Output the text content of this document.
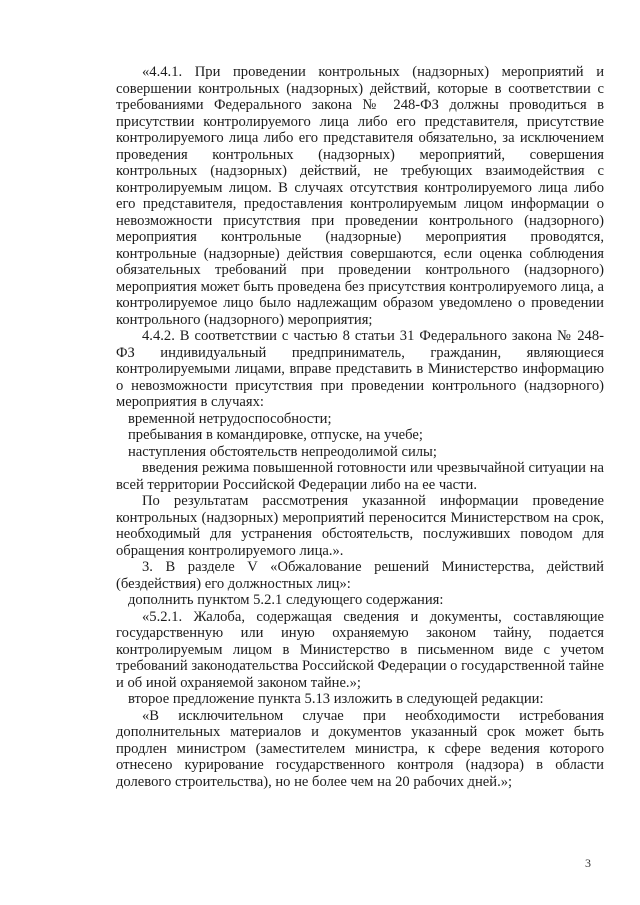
«4.4.1. При проведении контрольных (надзорных) мероприятий и совершении контрольных (надзорных) действий, которые в соответствии с требованиями Федерального закона № 248-ФЗ должны проводиться в присутствии контролируемого лица либо его представителя, присутствие контролируемого лица либо его представителя обязательно, за исключением проведения контрольных (надзорных) мероприятий, совершения контрольных (надзорных) действий, не требующих взаимодействия с контролируемым лицом. В случаях отсутствия контролируемого лица либо его представителя, предоставления контролируемым лицом информации о невозможности присутствия при проведении контрольного (надзорного) мероприятия контрольные (надзорные) мероприятия проводятся, контрольные (надзорные) действия совершаются, если оценка соблюдения обязательных требований при проведении контрольного (надзорного) мероприятия может быть проведена без присутствия контролируемого лица, а контролируемое лицо было надлежащим образом уведомлено о проведении контрольного (надзорного) мероприятия;

4.4.2. В соответствии с частью 8 статьи 31 Федерального закона № 248-ФЗ индивидуальный предприниматель, гражданин, являющиеся контролируемыми лицами, вправе представить в Министерство информацию о невозможности присутствия при проведении контрольного (надзорного) мероприятия в случаях:

временной нетрудоспособности;

пребывания в командировке, отпуске, на учебе;

наступления обстоятельств непреодолимой силы;

введения режима повышенной готовности или чрезвычайной ситуации на всей территории Российской Федерации либо на ее части.

По результатам рассмотрения указанной информации проведение контрольных (надзорных) мероприятий переносится Министерством на срок, необходимый для устранения обстоятельств, послуживших поводом для обращения контролируемого лица.».

3. В разделе V «Обжалование решений Министерства, действий (бездействия) его должностных лиц»:

дополнить пунктом 5.2.1 следующего содержания:

«5.2.1. Жалоба, содержащая сведения и документы, составляющие государственную или иную охраняемую законом тайну, подается контролируемым лицом в Министерство в письменном виде с учетом требований законодательства Российской Федерации о государственной тайне и об иной охраняемой законом тайне.»;

второе предложение пункта 5.13 изложить в следующей редакции:

«В исключительном случае при необходимости истребования дополнительных материалов и документов указанный срок может быть продлен министром (заместителем министра, к сфере ведения которого отнесено курирование государственного контроля (надзора) в области долевого строительства), но не более чем на 20 рабочих дней.»;

3
